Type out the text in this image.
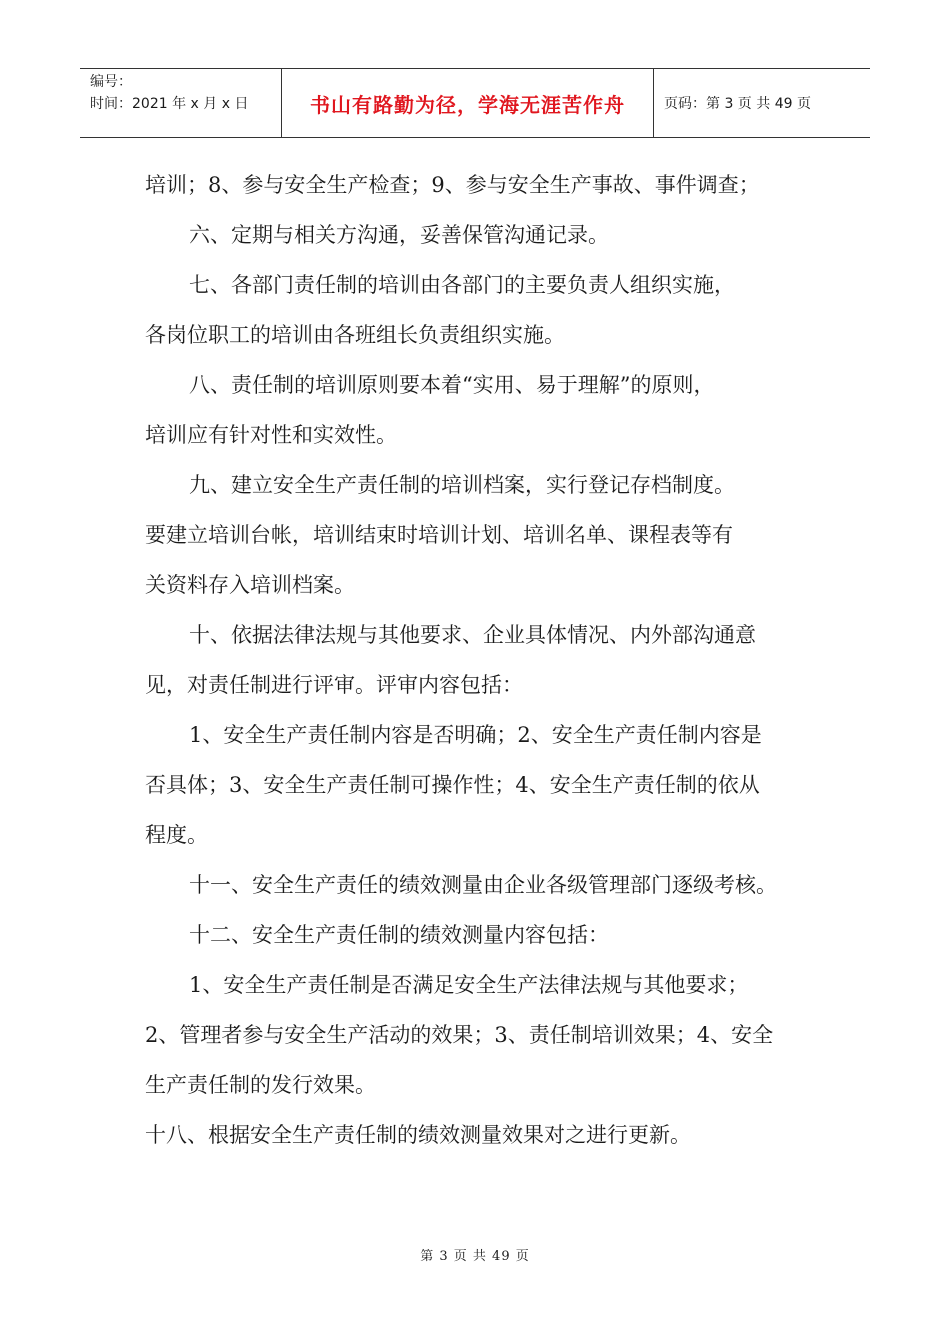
编号：
时间：2021 年 x 月 x 日	书山有路勤为径，学海无涯苦作舟	页码：第 3 页 共 49 页

培训；8、参与安全生产检查；9、参与安全生产事故、事件调查；

六、定期与相关方沟通，妥善保管沟通记录。

七、各部门责任制的培训由各部门的主要负责人组织实施，

各岗位职工的培训由各班组长负责组织实施。

八、责任制的培训原则要本着“实用、易于理解”的原则，

培训应有针对性和实效性。

九、建立安全生产责任制的培训档案，实行登记存档制度。

要建立培训台帐，培训结束时培训计划、培训名单、课程表等有

关资料存入培训档案。

十、依据法律法规与其他要求、企业具体情况、内外部沟通意

见，对责任制进行评审。评审内容包括：

1、安全生产责任制内容是否明确；2、安全生产责任制内容是

否具体；3、安全生产责任制可操作性；4、安全生产责任制的依从

程度。

十一、安全生产责任的绩效测量由企业各级管理部门逐级考核。

十二、安全生产责任制的绩效测量内容包括：

1、安全生产责任制是否满足安全生产法律法规与其他要求；

2、管理者参与安全生产活动的效果；3、责任制培训效果；4、安全

生产责任制的发行效果。

十八、根据安全生产责任制的绩效测量效果对之进行更新。

第 3 页 共 49 页
